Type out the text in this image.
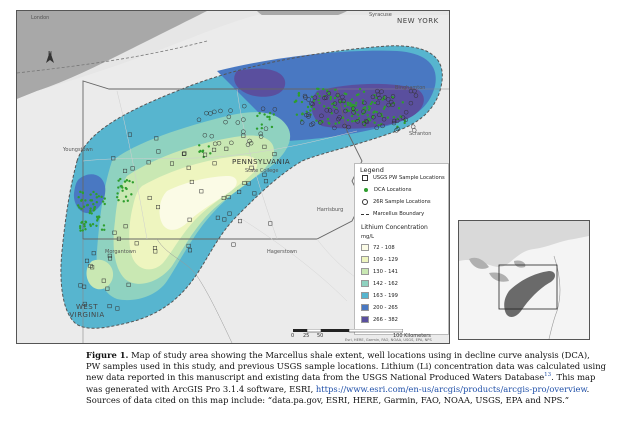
London	Syracuse
NEW YORK
Binghamton
Scranton
Youngstown
PENNSYLVANIA
State College
Harrisburg
Morgantown	Hagerstown
WEST VIRGINIA
Legend
USGS PW Sample Locations
DCA Locations
26R Sample Locations
Marcellus Boundary
Lithium Concentration
mg/L
72 - 108
109 - 129
130 - 141
142 - 162
163 - 199
200 - 265
266 - 382
0 25 50	100 Kilometers
Esri, HERE, Garmin, FAO, NOAA, USGS, EPA, NPS
Figure 1. Map of study area showing the Marcellus shale extent, well locations using in decline curve analysis (DCA), PW samples used in this study, and previous USGS sample locations. Lithium (Li) concentration data was calculated using new data reported in this manuscript and existing data from the USGS National Produced Waters Database$^{13}$. This map was generated with ArcGIS Pro 3.1.4 software, ESRI, https://www.esri.com/en-us/arcgis/products/arcgis-pro/overview. Sources of data cited on this map include: “data.pa.gov, ESRI, HERE, Garmin, FAO, NOAA, USGS, EPA and NPS.”
